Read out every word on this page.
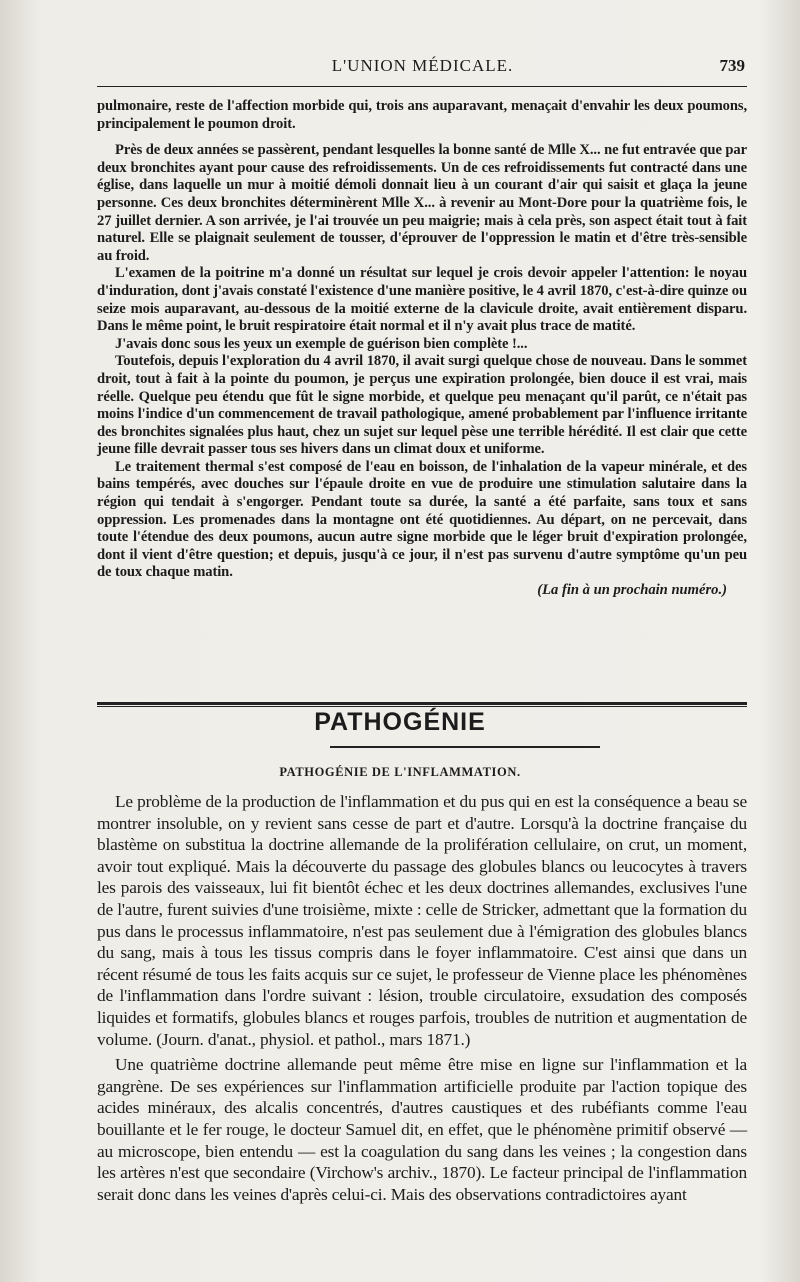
L'UNION MÉDICALE.	739

pulmonaire, reste de l'affection morbide qui, trois ans auparavant, menaçait d'envahir les deux poumons, principalement le poumon droit.

Près de deux années se passèrent, pendant lesquelles la bonne santé de Mlle X... ne fut entravée que par deux bronchites ayant pour cause des refroidissements. Un de ces refroidissements fut contracté dans une église, dans laquelle un mur à moitié démoli donnait lieu à un courant d'air qui saisit et glaça la jeune personne. Ces deux bronchites déterminèrent Mlle X... à revenir au Mont-Dore pour la quatrième fois, le 27 juillet dernier. A son arrivée, je l'ai trouvée un peu maigrie; mais à cela près, son aspect était tout à fait naturel. Elle se plaignait seulement de tousser, d'éprouver de l'oppression le matin et d'être très-sensible au froid.

L'examen de la poitrine m'a donné un résultat sur lequel je crois devoir appeler l'attention: le noyau d'induration, dont j'avais constaté l'existence d'une manière positive, le 4 avril 1870, c'est-à-dire quinze ou seize mois auparavant, au-dessous de la moitié externe de la clavicule droite, avait entièrement disparu. Dans le même point, le bruit respiratoire était normal et il n'y avait plus trace de matité.

J'avais donc sous les yeux un exemple de guérison bien complète !...

Toutefois, depuis l'exploration du 4 avril 1870, il avait surgi quelque chose de nouveau. Dans le sommet droit, tout à fait à la pointe du poumon, je perçus une expiration prolongée, bien douce il est vrai, mais réelle. Quelque peu étendu que fût le signe morbide, et quelque peu menaçant qu'il parût, ce n'était pas moins l'indice d'un commencement de travail pathologique, amené probablement par l'influence irritante des bronchites signalées plus haut, chez un sujet sur lequel pèse une terrible hérédité. Il est clair que cette jeune fille devrait passer tous ses hivers dans un climat doux et uniforme.

Le traitement thermal s'est composé de l'eau en boisson, de l'inhalation de la vapeur minérale, et des bains tempérés, avec douches sur l'épaule droite en vue de produire une stimulation salutaire dans la région qui tendait à s'engorger. Pendant toute sa durée, la santé a été parfaite, sans toux et sans oppression. Les promenades dans la montagne ont été quotidiennes. Au départ, on ne percevait, dans toute l'étendue des deux poumons, aucun autre signe morbide que le léger bruit d'expiration prolongée, dont il vient d'être question; et depuis, jusqu'à ce jour, il n'est pas survenu d'autre symptôme qu'un peu de toux chaque matin.

(La fin à un prochain numéro.)
PATHOGÉNIE
PATHOGÉNIE DE L'INFLAMMATION.

Le problème de la production de l'inflammation et du pus qui en est la conséquence a beau se montrer insoluble, on y revient sans cesse de part et d'autre. Lorsqu'à la doctrine française du blastème on substitua la doctrine allemande de la prolifération cellulaire, on crut, un moment, avoir tout expliqué. Mais la découverte du passage des globules blancs ou leucocytes à travers les parois des vaisseaux, lui fit bientôt échec et les deux doctrines allemandes, exclusives l'une de l'autre, furent suivies d'une troisième, mixte : celle de Stricker, admettant que la formation du pus dans le processus inflammatoire, n'est pas seulement due à l'émigration des globules blancs du sang, mais à tous les tissus compris dans le foyer inflammatoire. C'est ainsi que dans un récent résumé de tous les faits acquis sur ce sujet, le professeur de Vienne place les phénomènes de l'inflammation dans l'ordre suivant : lésion, trouble circulatoire, exsudation des composés liquides et formatifs, globules blancs et rouges parfois, troubles de nutrition et augmentation de volume. (Journ. d'anat., physiol. et pathol., mars 1871.)

Une quatrième doctrine allemande peut même être mise en ligne sur l'inflammation et la gangrène. De ses expériences sur l'inflammation artificielle produite par l'action topique des acides minéraux, des alcalis concentrés, d'autres caustiques et des rubéfiants comme l'eau bouillante et le fer rouge, le docteur Samuel dit, en effet, que le phénomène primitif observé — au microscope, bien entendu — est la coagulation du sang dans les veines ; la congestion dans les artères n'est que secondaire (Virchow's archiv., 1870). Le facteur principal de l'inflammation serait donc dans les veines d'après celui-ci. Mais des observations contradictoires ayant
